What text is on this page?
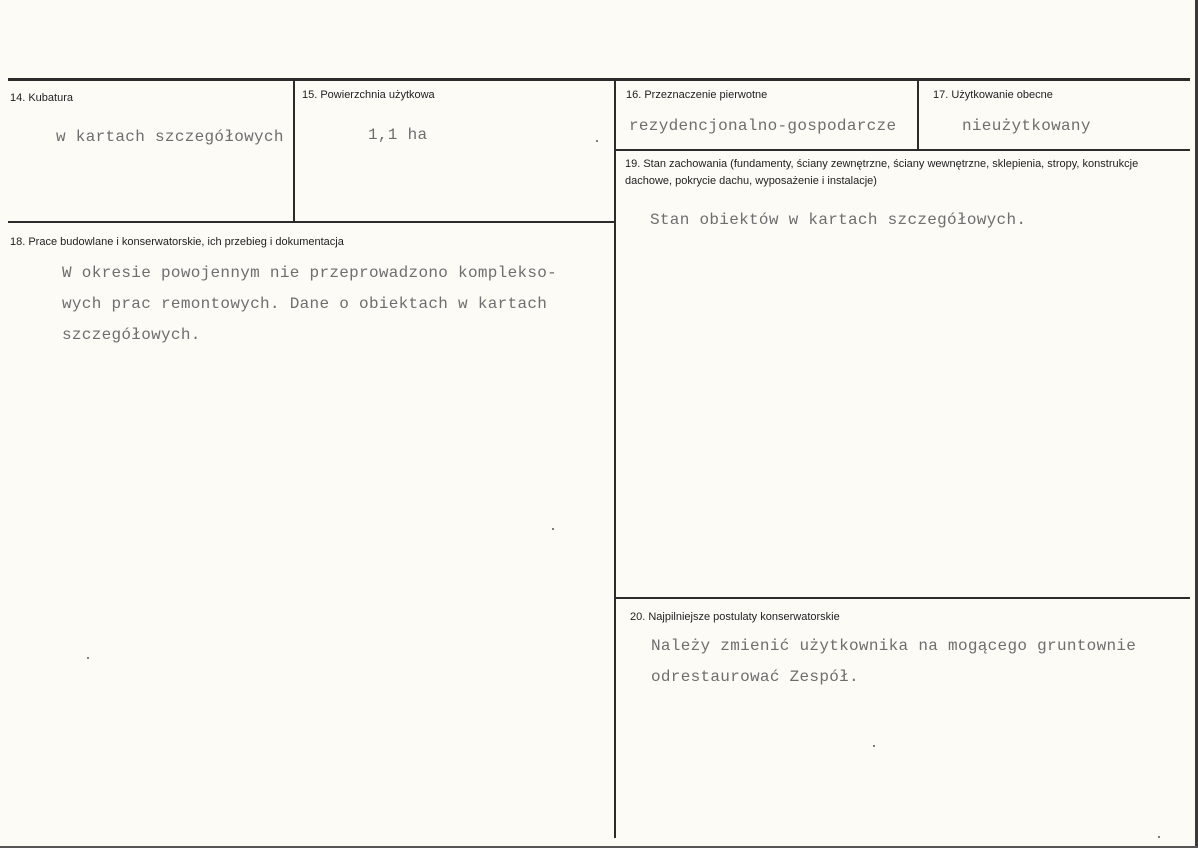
14. Kubatura
w kartach szczegółowych
15. Powierzchnia użytkowa
1,1 ha
16. Przeznaczenie pierwotne
rezydencjonalno-gospodarcze
17. Użytkowanie obecne
nieużytkowany
18. Prace budowlane i konserwatorskie, ich przebieg i dokumentacja
W okresie powojennym nie przeprowadzono komplekso-
wych prac remontowych. Dane o obiektach w kartach
szczegółowych.
19. Stan zachowania (fundamenty, ściany zewnętrzne, ściany wewnętrzne, sklepienia, stropy, konstrukcje dachowe, pokrycie dachu, wyposażenie i instalacje)
Stan obiektów w kartach szczegółowych.
20. Najpilniejsze postulaty konserwatorskie
Należy zmienić użytkownika na mogącego gruntownie
odrestaurować Zespół.
